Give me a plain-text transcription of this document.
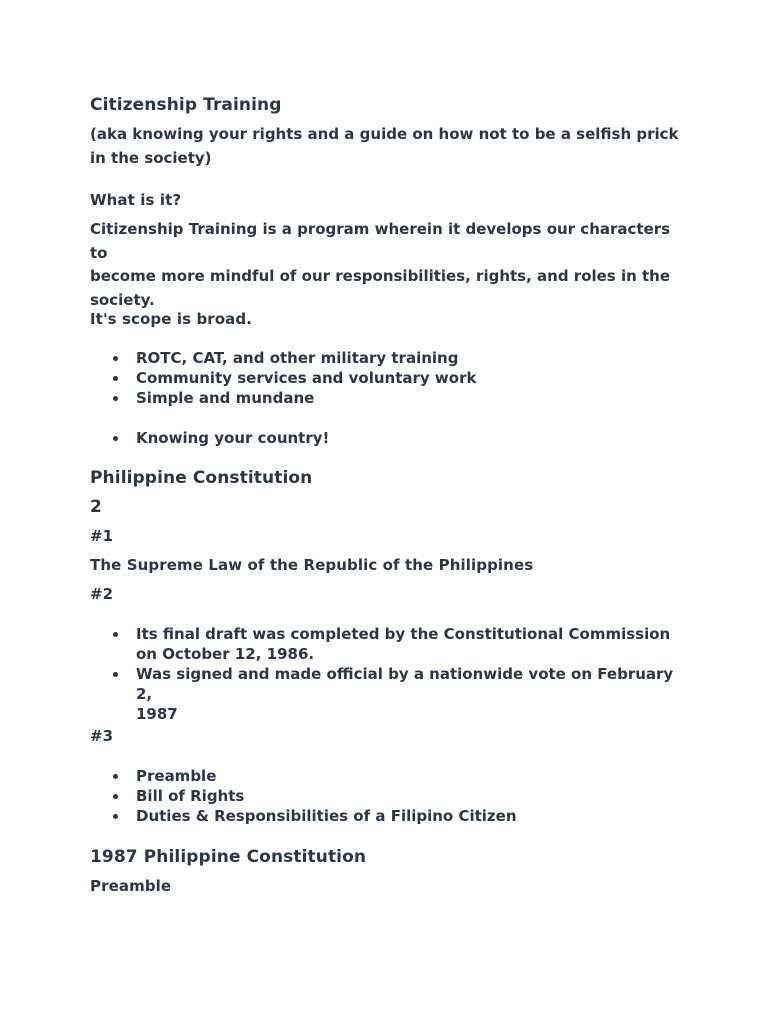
Citizenship Training

(aka knowing your rights and a guide on how not to be a selfish prick
in the society)

What is it?

Citizenship Training is a program wherein it develops our characters to
become more mindful of our responsibilities, rights, and roles in the
society.

It's scope is broad.

ROTC, CAT, and other military training
Community services and voluntary work
Simple and mundane
Knowing your country!
Philippine Constitution

2

#1

The Supreme Law of the Republic of the Philippines

#2

Its final draft was completed by the Constitutional Commission
on October 12, 1986.
Was signed and made official by a nationwide vote on February 2,
1987

#3

Preamble
Bill of Rights
Duties & Responsibilities of a Filipino Citizen
1987 Philippine Constitution

Preamble
